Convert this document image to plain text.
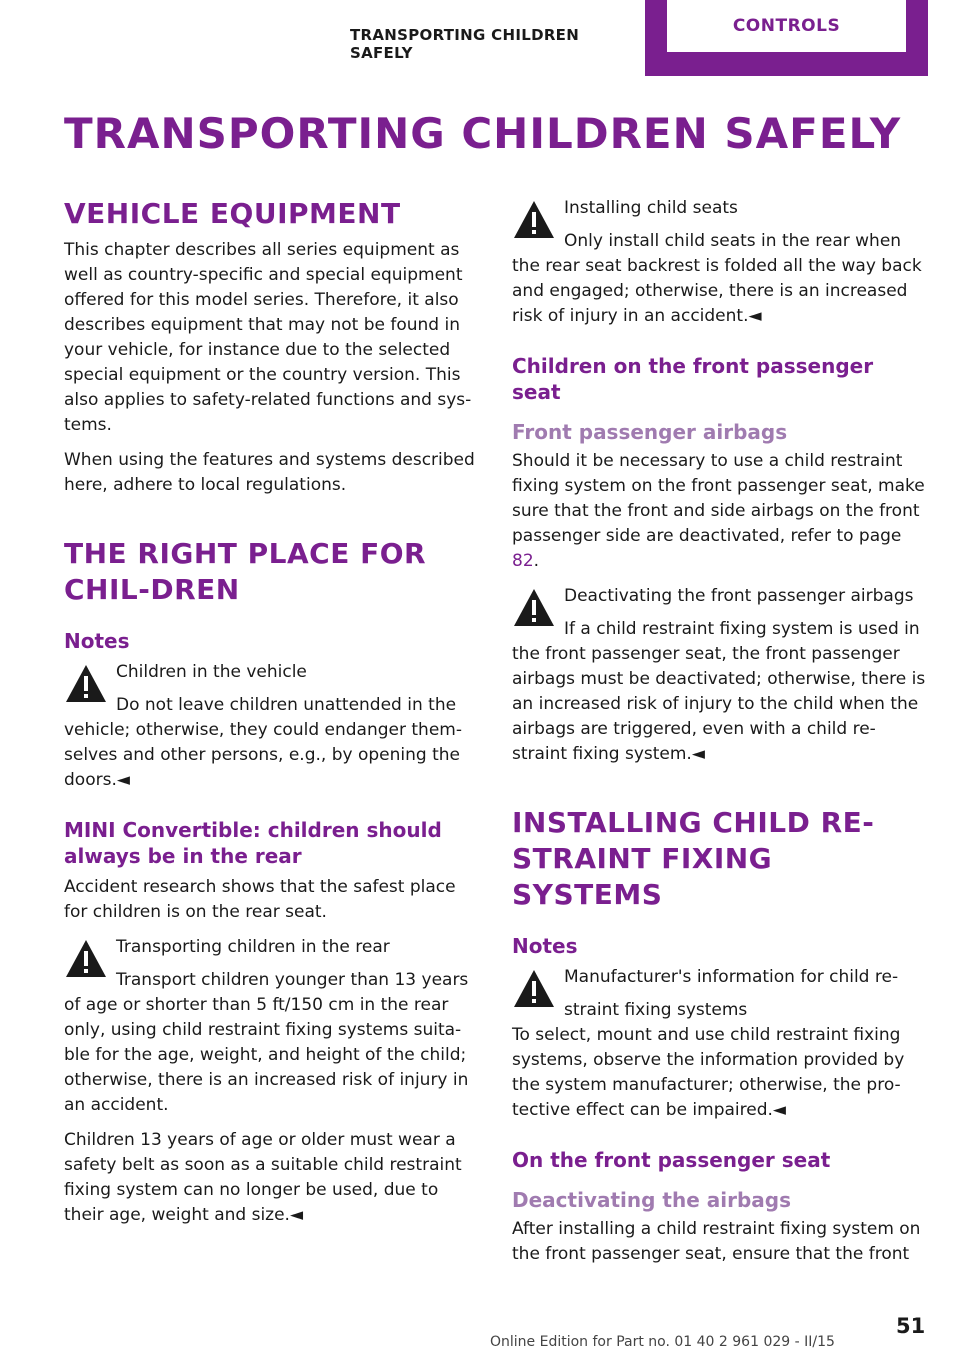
TRANSPORTING CHILDREN SAFELY
CONTROLS
TRANSPORTING CHILDREN SAFELY
VEHICLE EQUIPMENT

This chapter describes all series equipment as well as country-specific and special equipment offered for this model series. Therefore, it also describes equipment that may not be found in your vehicle, for instance due to the selected special equipment or the country version. This also applies to safety-related functions and sys-tems.

When using the features and systems described here, adhere to local regulations.

THE RIGHT PLACE FOR CHIL-DREN
Notes
Children in the vehicle
Do not leave children unattended in the
vehicle; otherwise, they could endanger them-selves and other persons, e.g., by opening the doors.◄
MINI Convertible: children should always be in the rear

Accident research shows that the safest place for children is on the rear seat.

Transporting children in the rear
Transport children younger than 13 years
of age or shorter than 5 ft/150 cm in the rear only, using child restraint fixing systems suita-ble for the age, weight, and height of the child; otherwise, there is an increased risk of injury in an accident.

Children 13 years of age or older must wear a safety belt as soon as a suitable child restraint fixing system can no longer be used, due to their age, weight and size.◄

Installing child seats
Only install child seats in the rear when
the rear seat backrest is folded all the way back and engaged; otherwise, there is an increased risk of injury in an accident.◄
Children on the front passenger seat
Front passenger airbags

Should it be necessary to use a child restraint fixing system on the front passenger seat, make sure that the front and side airbags on the front passenger side are deactivated, refer to page 82.

Deactivating the front passenger airbags
If a child restraint fixing system is used in
the front passenger seat, the front passenger airbags must be deactivated; otherwise, there is an increased risk of injury to the child when the airbags are triggered, even with a child re-straint fixing system.◄
INSTALLING CHILD RE-STRAINT FIXING SYSTEMS
Notes
Manufacturer's information for child re-
straint fixing systems
To select, mount and use child restraint fixing systems, observe the information provided by the system manufacturer; otherwise, the pro-tective effect can be impaired.◄
On the front passenger seat
Deactivating the airbags

After installing a child restraint fixing system on the front passenger seat, ensure that the front

Online Edition for Part no. 01 40 2 961 029 - II/15
51
